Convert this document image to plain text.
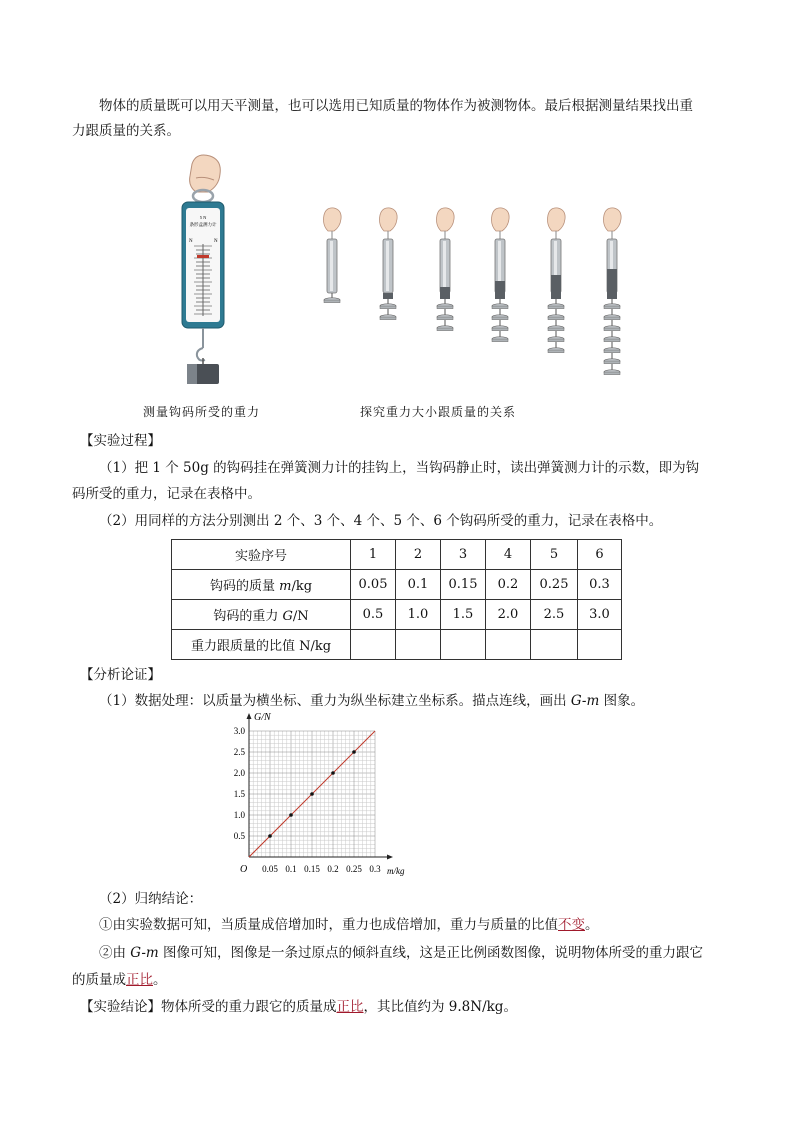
物体的质量既可以用天平测量，也可以选用已知质量的物体作为被测物体。最后根据测量结果找出重
力跟质量的关系。
5 N
条形盒测力计
N	N
测量钩码所受的重力	探究重力大小跟质量的关系
【实验过程】
（1）把 1 个 50g 的钩码挂在弹簧测力计的挂钩上，当钩码静止时，读出弹簧测力计的示数，即为钩
码所受的重力，记录在表格中。
（2）用同样的方法分别测出 2 个、3 个、4 个、5 个、6 个钩码所受的重力，记录在表格中。
实验序号	1	2	3	4	5	6
钩码的质量 m/kg	0.05	0.1	0.15	0.2	0.25	0.3
钩码的重力 G/N	0.5	1.0	1.5	2.0	2.5	3.0
重力跟质量的比值 N/kg						
【分析论证】
（1）数据处理：以质量为横坐标、重力为纵坐标建立坐标系。描点连线，画出 G-m 图象。
G/N
m/kg
O 0.05 0.1 0.15 0.2 0.25 0.3
0.5
1.0
1.5
2.0
2.5
3.0
（2）归纳结论：
①由实验数据可知，当质量成倍增加时，重力也成倍增加，重力与质量的比值不变。
②由 G-m 图像可知，图像是一条过原点的倾斜直线，这是正比例函数图像，说明物体所受的重力跟它
的质量成正比。
【实验结论】物体所受的重力跟它的质量成正比，其比值约为 9.8N/kg。
